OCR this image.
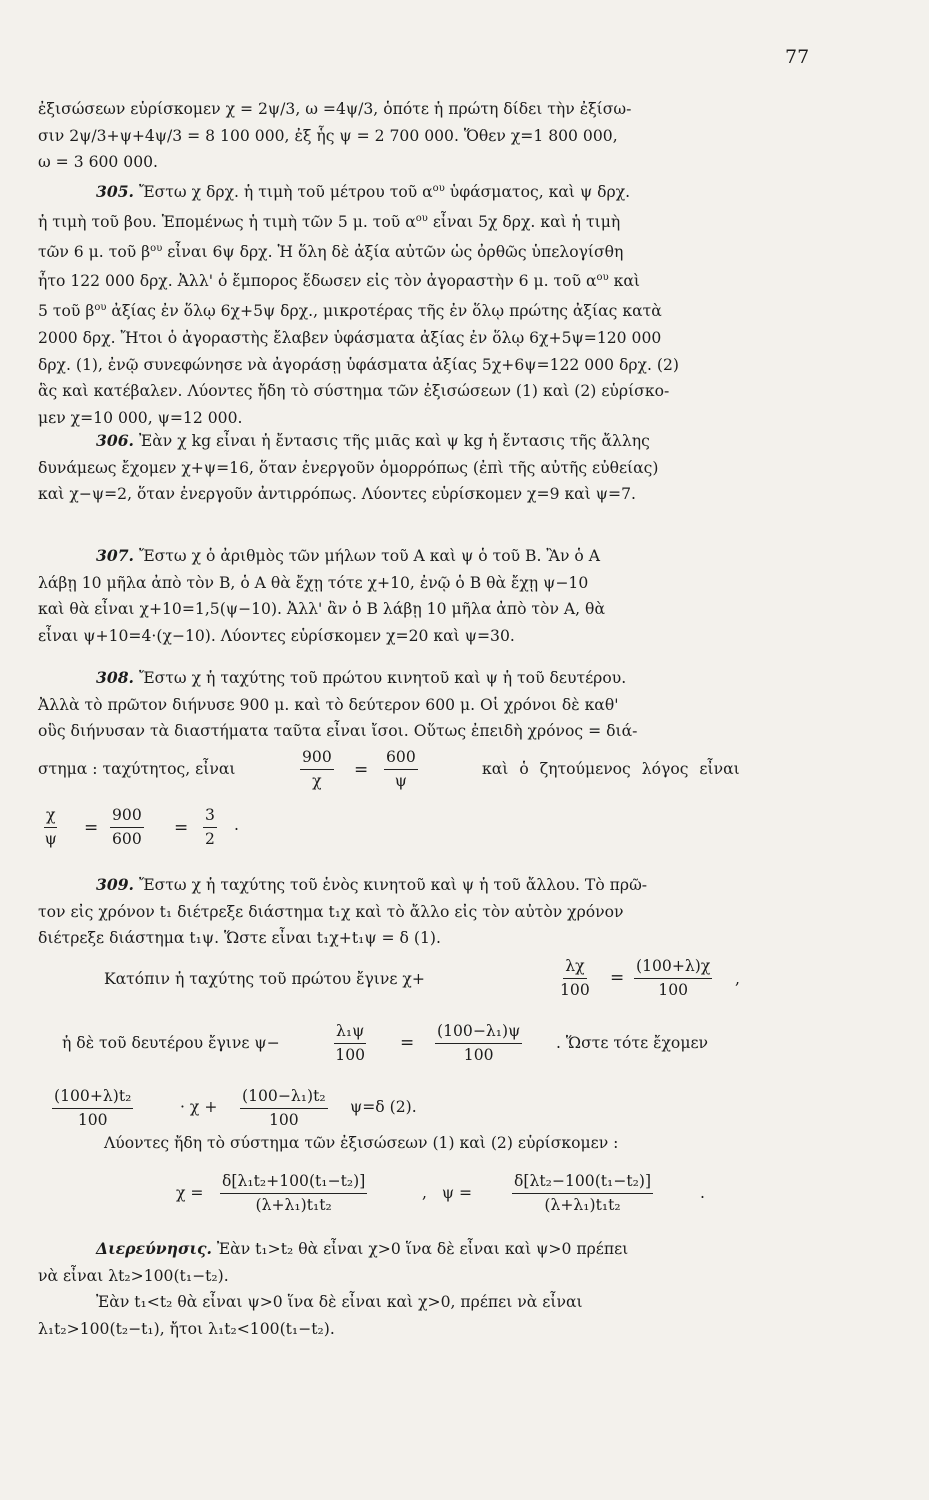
77
ἐξισώσεων εὑρίσκομεν χ = 2ψ/3, ω =4ψ/3, ὁπότε ἡ πρώτη δίδει τὴν ἐξίσω-
σιν 2ψ/3+ψ+4ψ/3 = 8 100 000, ἐξ ἧς ψ = 2 700 000. Ὅθεν χ=1 800 000,
ω = 3 600 000.
305. Ἔστω χ δρχ. ἡ τιμὴ τοῦ μέτρου τοῦ $\alpha^{o\upsilon}$ ὑφάσματος, καὶ ψ δρχ.
ἡ τιμὴ τοῦ βου. Ἑπομένως ἡ τιμὴ τῶν 5 μ. τοῦ $\alpha^{o\upsilon}$ εἶναι 5χ δρχ. καὶ ἡ τιμὴ
τῶν 6 μ. τοῦ $\beta^{o\upsilon}$ εἶναι 6ψ δρχ. Ἡ ὅλη δὲ ἀξία αὐτῶν ὡς ὀρθῶς ὑπελογίσθη
ἦτο 122 000 δρχ. Ἀλλ' ὁ ἔμπορος ἔδωσεν εἰς τὸν ἀγοραστὴν 6 μ. τοῦ $\alpha^{o\upsilon}$ καὶ
5 τοῦ $\beta^{o\upsilon}$ ἀξίας ἐν ὅλῳ 6χ+5ψ δρχ., μικροτέρας τῆς ἐν ὅλῳ πρώτης ἀξίας κατὰ
2000 δρχ. Ἤτοι ὁ ἀγοραστὴς ἔλαβεν ὑφάσματα ἀξίας ἐν ὅλῳ 6χ+5ψ=120 000
δρχ. (1), ἐνῷ συνεφώνησε νὰ ἀγοράσῃ ὑφάσματα ἀξίας 5χ+6ψ=122 000 δρχ. (2)
ἃς καὶ κατέβαλεν. Λύοντες ἤδη τὸ σύστημα τῶν ἐξισώσεων (1) καὶ (2) εὑρίσκο-
μεν χ=10 000, ψ=12 000.
306. Ἐὰν χ kg εἶναι ἡ ἔντασις τῆς μιᾶς καὶ ψ kg ἡ ἔντασις τῆς ἄλλης
δυνάμεως ἔχομεν χ+ψ=16, ὅταν ἐνεργοῦν ὁμορρόπως (ἐπὶ τῆς αὐτῆς εὐθείας)
καὶ χ−ψ=2, ὅταν ἐνεργοῦν ἀντιρρόπως. Λύοντες εὑρίσκομεν χ=9 καὶ ψ=7.
307. Ἔστω χ ὁ ἀριθμὸς τῶν μήλων τοῦ Α καὶ ψ ὁ τοῦ Β. Ἂν ὁ Α
λάβῃ 10 μῆλα ἀπὸ τὸν Β, ὁ Α θὰ ἔχῃ τότε χ+10, ἐνῷ ὁ Β θὰ ἔχῃ ψ−10
καὶ θὰ εἶναι χ+10=1,5(ψ−10). Ἀλλ' ἂν ὁ Β λάβῃ 10 μῆλα ἀπὸ τὸν Α, θὰ
εἶναι ψ+10=4·(χ−10). Λύοντες εὑρίσκομεν χ=20 καὶ ψ=30.
308. Ἔστω χ ἡ ταχύτης τοῦ πρώτου κινητοῦ καὶ ψ ἡ τοῦ δευτέρου.
Ἀλλὰ τὸ πρῶτον διήνυσε 900 μ. καὶ τὸ δεύτερον 600 μ. Οἱ χρόνοι δὲ καθ'
οὓς διήνυσαν τὰ διαστήματα ταῦτα εἶναι ἴσοι. Οὕτως ἐπειδὴ χρόνος = διά-
στημα : ταχύτητος, εἶναι	$\frac{900}{\chi} = \frac{600}{\psi}$	καὶ ὁ ζητούμενος λόγος εἶναι
$\frac{\chi}{\psi} = \frac{900}{600} = \frac{3}{2}$ .
309. Ἔστω χ ἡ ταχύτης τοῦ ἑνὸς κινητοῦ καὶ ψ ἡ τοῦ ἄλλου. Τὸ πρῶ-
τον εἰς χρόνον t₁ διέτρεξε διάστημα t₁χ καὶ τὸ ἄλλο εἰς τὸν αὐτὸν χρόνον
διέτρεξε διάστημα t₁ψ. Ὥστε εἶναι t₁χ+t₁ψ = δ (1).
Κατόπιν ἡ ταχύτης τοῦ πρώτου ἔγινε χ+	$\frac{\lambda\chi}{100} = \frac{(100+\lambda)\chi}{100}$ ,
ἡ δὲ τοῦ δευτέρου ἔγινε ψ−	$\frac{\text{λ₁ψ}}{100} = \frac{\text{(100−λ₁)ψ}}{100}$ . Ὥστε τότε ἔχομεν
$\frac{\text{(100+λ)t₂}}{100}$	· $\chi + \frac{\text{(100−λ₁)t₂}}{100} \psi=\delta$ (2).
Λύοντες ἤδη τὸ σύστημα τῶν ἐξισώσεων (1) καὶ (2) εὑρίσκομεν :
$\chi = \frac{\text{δ[λ₁t₂+100(t₁−t₂)]}}{\text{(λ+λ₁)t₁t₂}}$	,   ψ =	$\frac{\text{δ[λt₂−100(t₁−t₂)]}}{\text{(λ+λ₁)t₁t₂}}$	.
Διερεύνησις. Ἐὰν t₁>t₂ θὰ εἶναι χ>0 ἵνα δὲ εἶναι καὶ ψ>0 πρέπει
νὰ εἶναι λt₂>100(t₁−t₂).
Ἐὰν t₁<t₂ θὰ εἶναι ψ>0 ἵνα δὲ εἶναι καὶ χ>0, πρέπει νὰ εἶναι
λ₁t₂>100(t₂−t₁), ἤτοι λ₁t₂<100(t₁−t₂).
